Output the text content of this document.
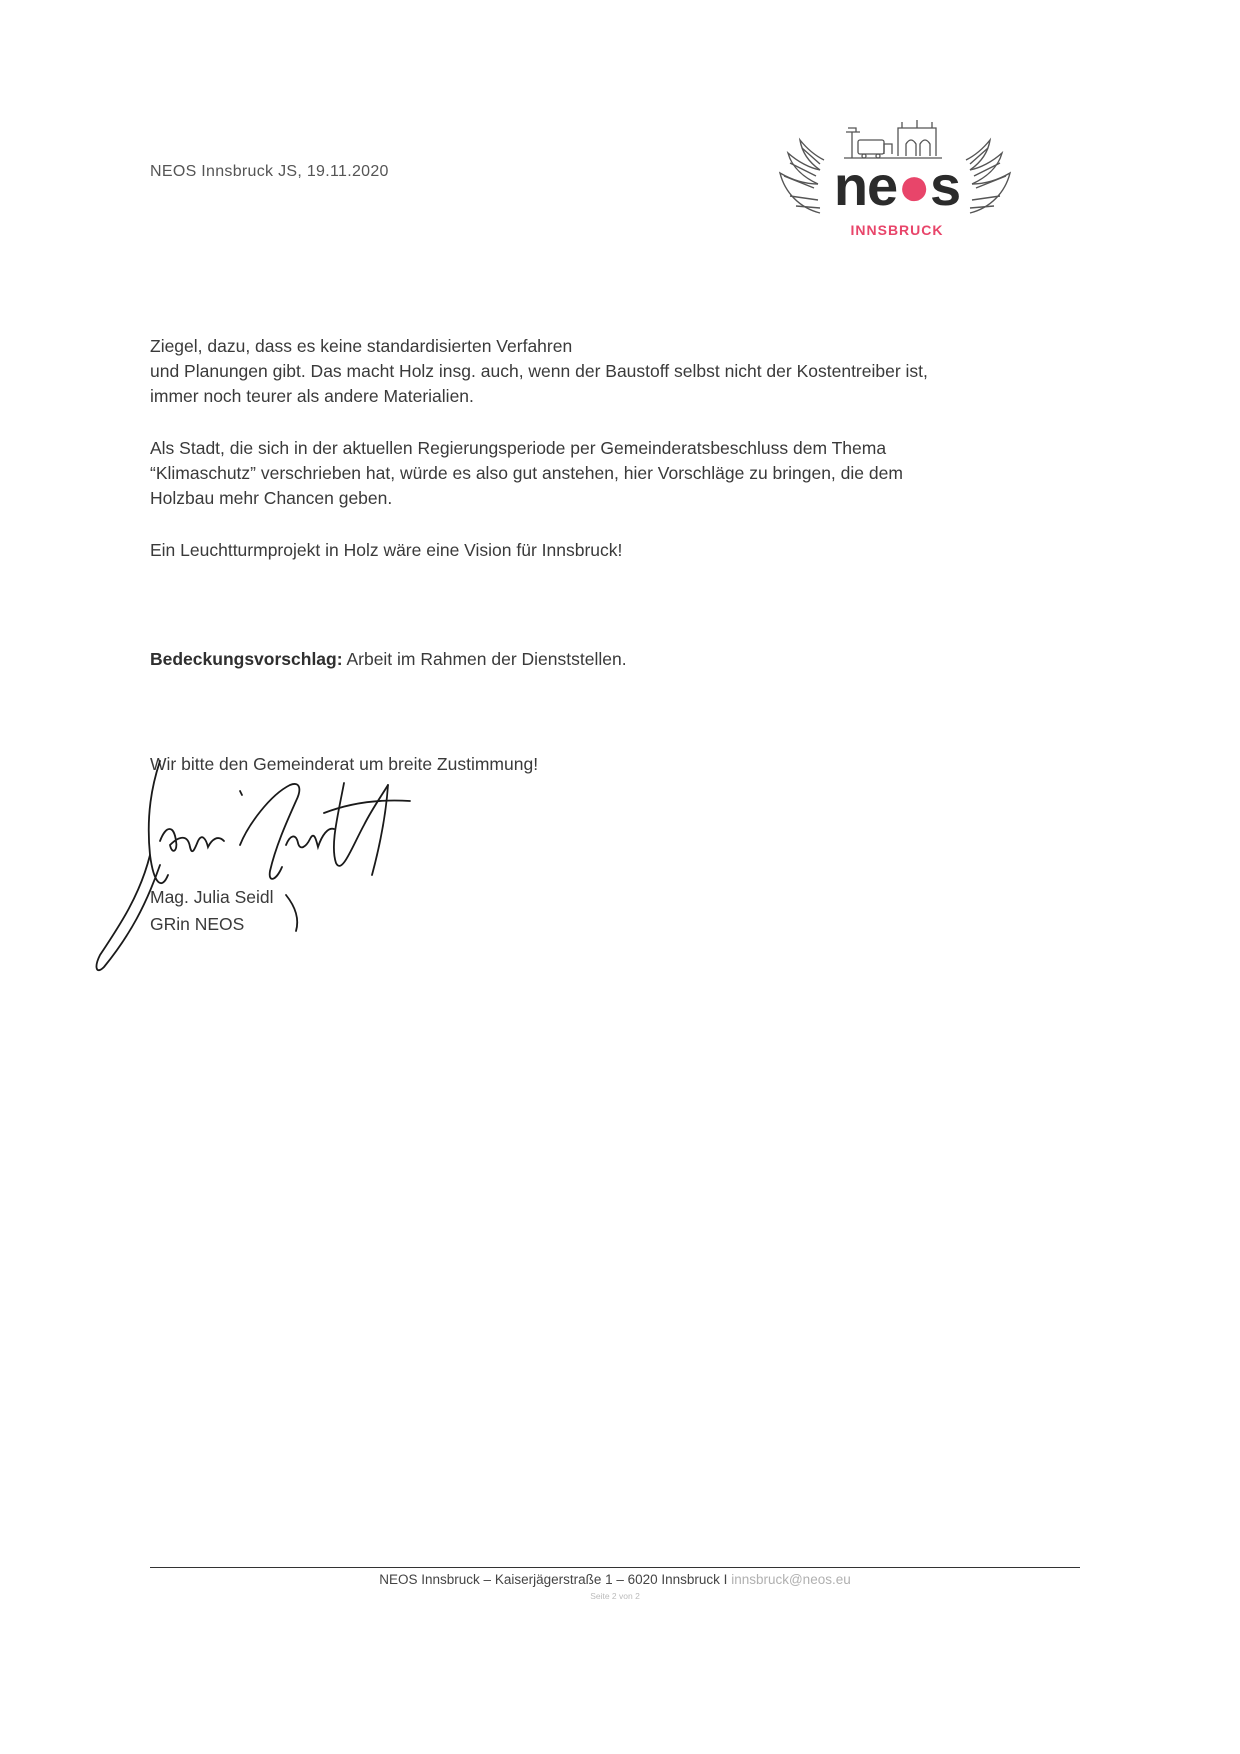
NEOS Innsbruck JS, 19.11.2020	ne●s
INNSBRUCK

Ziegel, dazu, dass es keine standardisierten Verfahren
und Planungen gibt. Das macht Holz insg. auch, wenn der Baustoff selbst nicht der Kostentreiber ist,
immer noch teurer als andere Materialien.

Als Stadt, die sich in der aktuellen Regierungsperiode per Gemeinderatsbeschluss dem Thema
“Klimaschutz” verschrieben hat, würde es also gut anstehen, hier Vorschläge zu bringen, die dem
Holzbau mehr Chancen geben.

Ein Leuchtturmprojekt in Holz wäre eine Vision für Innsbruck!

Bedeckungsvorschlag: Arbeit im Rahmen der Dienststellen.
Wir bitte den Gemeinderat um breite Zustimmung!
Mag. Julia Seidl
GRin NEOS
NEOS Innsbruck – Kaiserjägerstraße 1 – 6020 Innsbruck I innsbruck@neos.eu
Seite 2 von 2
